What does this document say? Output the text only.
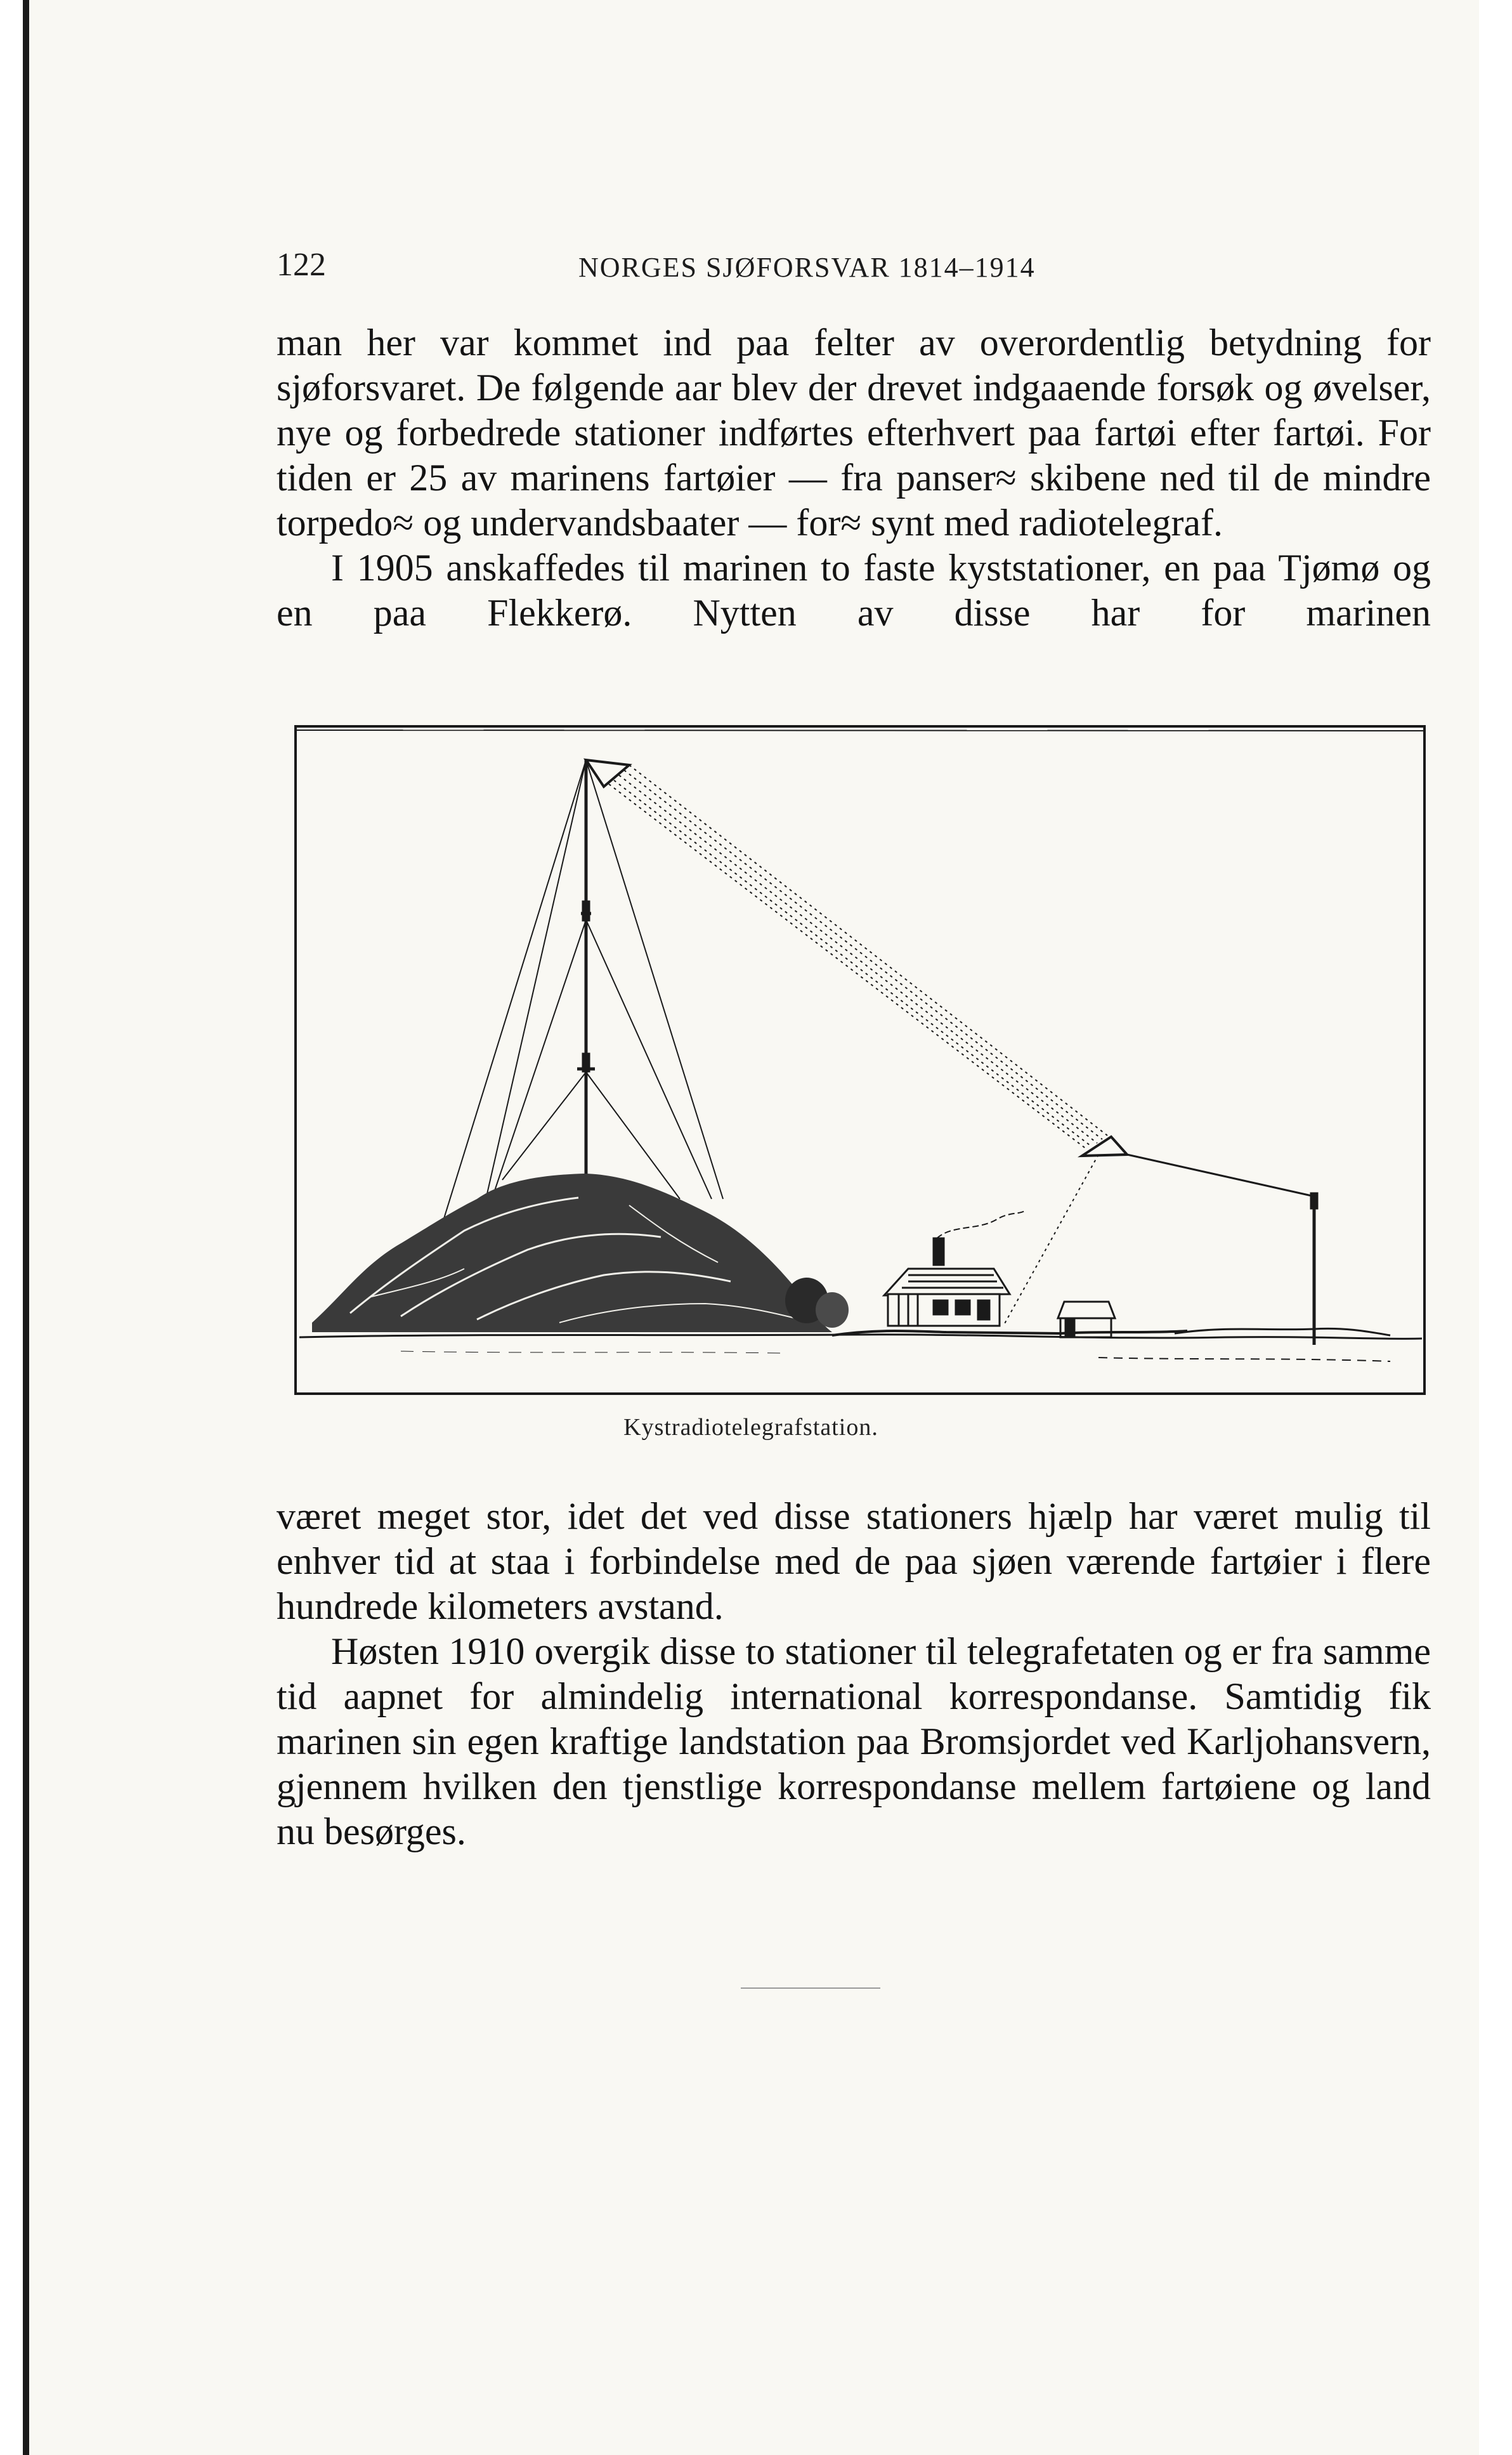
122	NORGES SJØFORSVAR 1814–1914

man her var kommet ind paa felter av overordentlig betydning for sjøforsvaret. De følgende aar blev der drevet indgaaende forsøk og øvelser, nye og forbedrede stationer indførtes efterhvert paa fartøi efter fartøi. For tiden er 25 av marinens fartøier — fra panser≈ skibene ned til de mindre torpedo≈ og undervandsbaater — for≈ synt med radiotelegraf.

I 1905 anskaffedes til marinen to faste kyststationer, en paa Tjømø og en paa Flekkerø. Nytten av disse har for marinen

Kystradiotelegrafstation.

været meget stor, idet det ved disse stationers hjælp har været mulig til enhver tid at staa i forbindelse med de paa sjøen værende fartøier i flere hundrede kilometers avstand.

Høsten 1910 overgik disse to stationer til telegrafetaten og er fra samme tid aapnet for almindelig international korrespondanse. Samtidig fik marinen sin egen kraftige landstation paa Bromsjordet ved Karljohansvern, gjennem hvilken den tjenstlige korrespondanse mellem fartøiene og land nu besørges.
